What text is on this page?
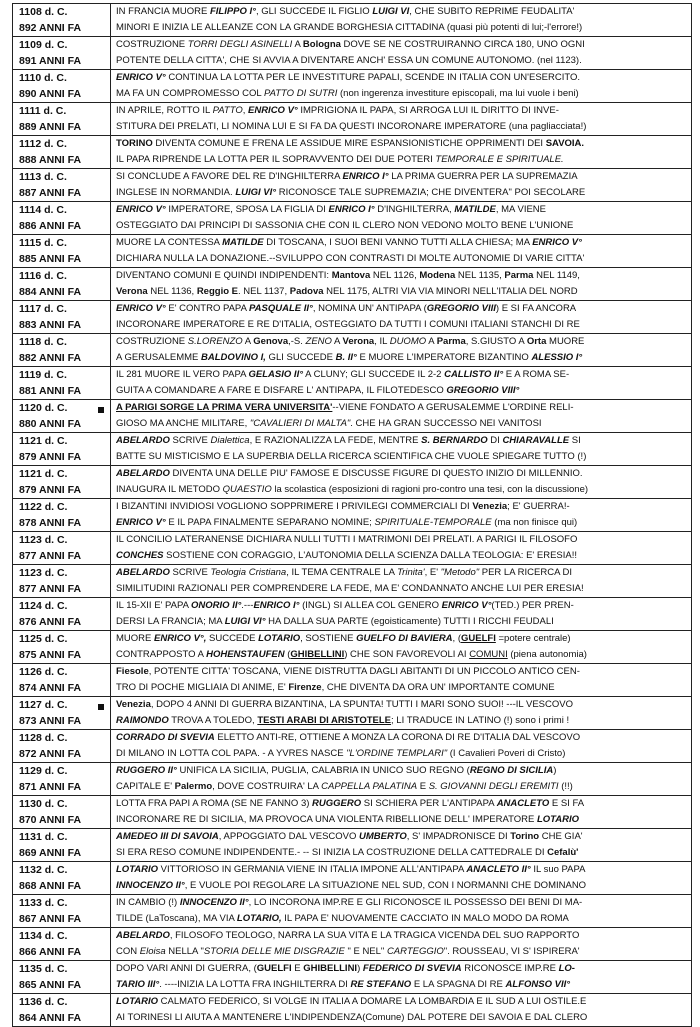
1108 d. C.
892 ANNI FA	IN FRANCIA MUORE FILIPPO I°, GLI SUCCEDE IL FIGLIO LUIGI VI, CHE SUBITO REPRIME FEUDALITA'
MINORI E INIZIA LE ALLEANZE CON LA GRANDE BORGHESIA CITTADINA (quasi più potenti di lui;-l'errore!)

1109 d. C.
891 ANNI FA	COSTRUZIONE TORRI DEGLI ASINELLI A Bologna DOVE SE NE COSTRUIRANNO CIRCA 180, UNO OGNI
POTENTE DELLA CITTA', CHE SI AVVIA A DIVENTARE ANCH' ESSA UN COMUNE AUTONOMO. (nel 1123).

1110 d. C.
890 ANNI FA	ENRICO V° CONTINUA LA LOTTA PER LE INVESTITURE PAPALI, SCENDE IN ITALIA CON UN'ESERCITO.
MA FA UN COMPROMESSO COL PATTO DI SUTRI (non ingerenza investiture episcopali, ma lui vuole i beni)

1111 d. C.
889 ANNI FA	IN APRILE, ROTTO IL PATTO, ENRICO V° IMPRIGIONA IL PAPA, SI ARROGA LUI IL DIRITTO DI INVE-
STITURA DEI PRELATI, LI NOMINA LUI E SI FA DA QUESTI INCORONARE IMPERATORE (una pagliacciata!)

1112 d. C.
888 ANNI FA	TORINO DIVENTA COMUNE E FRENA LE ASSIDUE MIRE ESPANSIONISTICHE OPPRIMENTI DEI SAVOIA.
IL PAPA RIPRENDE LA LOTTA PER IL SOPRAVVENTO DEI DUE POTERI TEMPORALE E SPIRITUALE.

1113 d. C.
887 ANNI FA	SI CONCLUDE A FAVORE DEL RE D'INGHILTERRA ENRICO I° LA PRIMA GUERRA PER LA SUPREMAZIA
INGLESE IN NORMANDIA. LUIGI VI° RICONOSCE TALE SUPREMAZIA; CHE DIVENTERA" POI SECOLARE

1114 d. C.
886 ANNI FA	ENRICO V° IMPERATORE, SPOSA LA FIGLIA DI ENRICO I° D'INGHILTERRA, MATILDE, MA VIENE
OSTEGGIATO DAI PRINCIPI DI SASSONIA CHE CON IL CLERO NON VEDONO MOLTO BENE L'UNIONE

1115 d. C.
885 ANNI FA	MUORE LA CONTESSA MATILDE DI TOSCANA, I SUOI BENI VANNO TUTTI ALLA CHIESA; MA ENRICO V°
DICHIARA NULLA LA DONAZIONE.--SVILUPPO CON CONTRASTI DI MOLTE AUTONOMIE DI VARIE CITTA'

1116 d. C.
884 ANNI FA	DIVENTANO COMUNI E QUINDI INDIPENDENTI: Mantova NEL 1126, Modena NEL 1135, Parma NEL 1149,
Verona NEL 1136, Reggio E. NEL 1137, Padova NEL 1175, ALTRI VIA VIA MINORI NELL'ITALIA DEL NORD

1117 d. C.
883 ANNI FA	ENRICO V° E' CONTRO PAPA PASQUALE II°, NOMINA UN' ANTIPAPA (GREGORIO VIII) E SI FA ANCORA
INCORONARE IMPERATORE E RE D'ITALIA, OSTEGGIATO DA TUTTI I COMUNI ITALIANI STANCHI DI RE

1118 d. C.
882 ANNI FA	COSTRUZIONE S.LORENZO A Genova,-S. ZENO A Verona, IL DUOMO A Parma, S.GIUSTO A Orta MUORE
A GERUSALEMME BALDOVINO I, GLI SUCCEDE B. II° E MUORE L'IMPERATORE BIZANTINO ALESSIO I°

1119 d. C.
881 ANNI FA	IL 281 MUORE IL VERO PAPA GELASIO II° A CLUNY; GLI SUCCEDE IL 2-2 CALLISTO II° E A ROMA SE-
GUITA A COMANDARE A FARE E DISFARE L' ANTIPAPA, IL FILOTEDESCO GREGORIO VIII°

1120 d. C.
880 ANNI FA	A PARIGI SORGE LA PRIMA VERA UNIVERSITA'--VIENE FONDATO A GERUSALEMME L'ORDINE RELI-
GIOSO MA ANCHE MILITARE, "CAVALIERI DI MALTA". CHE HA GRAN SUCCESSO NEI VANITOSI

1121 d. C.
879 ANNI FA	ABELARDO SCRIVE Dialettica, E RAZIONALIZZA LA FEDE, MENTRE S. BERNARDO DI CHIARAVALLE SI
BATTE SU MISTICISMO E LA SUPERBIA DELLA RICERCA SCIENTIFICA CHE VUOLE SPIEGARE TUTTO (!)

1121 d. C.
879 ANNI FA	ABELARDO DIVENTA UNA DELLE PIU' FAMOSE E DISCUSSE FIGURE DI QUESTO INIZIO DI MILLENNIO.
INAUGURA IL METODO QUAESTIO la scolastica (esposizioni di ragioni pro-contro una tesi, con la discussione)

1122 d. C.
878 ANNI FA	I BIZANTINI INVIDIOSI VOGLIONO SOPPRIMERE I PRIVILEGI COMMERCIALI DI Venezia; E' GUERRA!-
ENRICO V° E IL PAPA FINALMENTE SEPARANO NOMINE; SPIRITUALE-TEMPORALE (ma non finisce qui)

1123 d. C.
877 ANNI FA	IL CONCILIO LATERANENSE DICHIARA NULLI TUTTI I MATRIMONI DEI PRELATI. A PARIGI IL FILOSOFO
CONCHES SOSTIENE CON CORAGGIO, L'AUTONOMIA DELLA SCIENZA DALLA TEOLOGIA: E' ERESIA!!

1123 d. C.
877 ANNI FA	ABELARDO SCRIVE Teologia Cristiana, IL TEMA CENTRALE LA Trinita', E' "Metodo" PER LA RICERCA DI
SIMILITUDINI RAZIONALI PER COMPRENDERE LA FEDE, MA E' CONDANNATO ANCHE LUI PER ERESIA!

1124 d. C.
876 ANNI FA	IL 15-XII E' PAPA ONORIO II°.---ENRICO I° (INGL) SI ALLEA COL GENERO ENRICO V°(TED.) PER PREN-
DERSI LA FRANCIA; MA LUIGI VI° HA DALLA SUA PARTE (egoisticamente) TUTTI I RICCHI FEUDALI

1125 d. C.
875 ANNI FA	MUORE ENRICO V°, SUCCEDE LOTARIO, SOSTIENE GUELFO DI BAVIERA, (GUELFI =potere centrale)
CONTRAPPOSTO A HOHENSTAUFEN (GHIBELLINI) CHE SON FAVOREVOLI AI COMUNI (piena autonomia)

1126 d. C.
874 ANNI FA	Fiesole, POTENTE CITTA' TOSCANA, VIENE DISTRUTTA DAGLI ABITANTI DI UN PICCOLO ANTICO CEN-
TRO DI POCHE MIGLIAIA DI ANIME, E' Firenze, CHE DIVENTA DA ORA UN' IMPORTANTE COMUNE

1127 d. C.
873 ANNI FA	Venezia, DOPO 4 ANNI DI GUERRA BIZANTINA, LA SPUNTA! TUTTI I MARI SONO SUOI! ---IL VESCOVO
RAIMONDO TROVA A TOLEDO, TESTI ARABI DI ARISTOTELE; LI TRADUCE IN LATINO (!) sono i primi !

1128 d. C.
872 ANNI FA	CORRADO DI SVEVIA ELETTO ANTI-RE, OTTIENE A MONZA LA CORONA DI RE D'ITALIA DAL VESCOVO
DI MILANO IN LOTTA COL PAPA. - A YVRES NASCE "L'ORDINE TEMPLARI" (I Cavalieri Poveri di Cristo)

1129 d. C.
871 ANNI FA	RUGGERO II° UNIFICA LA SICILIA, PUGLIA, CALABRIA IN UNICO SUO REGNO (REGNO DI SICILIA)
CAPITALE E' Palermo, DOVE COSTRUIRA' LA CAPPELLA PALATINA E S. GIOVANNI DEGLI EREMITI (!!)

1130 d. C.
870 ANNI FA	LOTTA FRA PAPI A ROMA (SE NE FANNO 3) RUGGERO SI SCHIERA PER L'ANTIPAPA ANACLETO E SI FA
INCORONARE RE DI SICILIA, MA PROVOCA UNA VIOLENTA RIBELLIONE DELL' IMPERATORE LOTARIO

1131 d. C.
869 ANNI FA	AMEDEO III DI SAVOIA, APPOGGIATO DAL VESCOVO UMBERTO, S' IMPADRONISCE DI Torino CHE GIA'
SI ERA RESO COMUNE INDIPENDENTE.- -- SI INIZIA LA COSTRUZIONE DELLA CATTEDRALE DI Cefalù'

1132 d. C.
868 ANNI FA	LOTARIO VITTORIOSO IN GERMANIA VIENE IN ITALIA IMPONE ALL'ANTIPAPA ANACLETO II° IL suo PAPA
INNOCENZO II°, E VUOLE POI REGOLARE LA SITUAZIONE NEL SUD, CON I NORMANNI CHE DOMINANO

1133 d. C.
867 ANNI FA	IN CAMBIO (!) INNOCENZO II°, LO INCORONA IMP.RE E GLI RICONOSCE IL POSSESSO DEI BENI DI MA-
TILDE (LaToscana), MA VIA LOTARIO, IL PAPA E' NUOVAMENTE CACCIATO IN MALO MODO DA ROMA

1134 d. C.
866 ANNI FA	ABELARDO, FILOSOFO TEOLOGO, NARRA LA SUA VITA E LA TRAGICA VICENDA DEL SUO RAPPORTO
CON Eloisa NELLA "STORIA DELLE MIE DISGRAZIE " E NEL" CARTEGGIO". ROUSSEAU, VI S' ISPIRERA'

1135 d. C.
865 ANNI FA	DOPO VARI ANNI DI GUERRA, (GUELFI E GHIBELLINI) FEDERICO DI SVEVIA RICONOSCE IMP.RE LO-
TARIO III°. ----INIZIA LA LOTTA FRA INGHILTERRA DI RE STEFANO E LA SPAGNA DI RE ALFONSO VII°

1136 d. C.
864 ANNI FA	LOTARIO CALMATO FEDERICO, SI VOLGE IN ITALIA A DOMARE LA LOMBARDIA E IL SUD A LUI OSTILE.E
AI TORINESI LI AIUTA A MANTENERE L'INDIPENDENZA(Comune) DAL POTERE DEI SAVOIA E DAL CLERO
